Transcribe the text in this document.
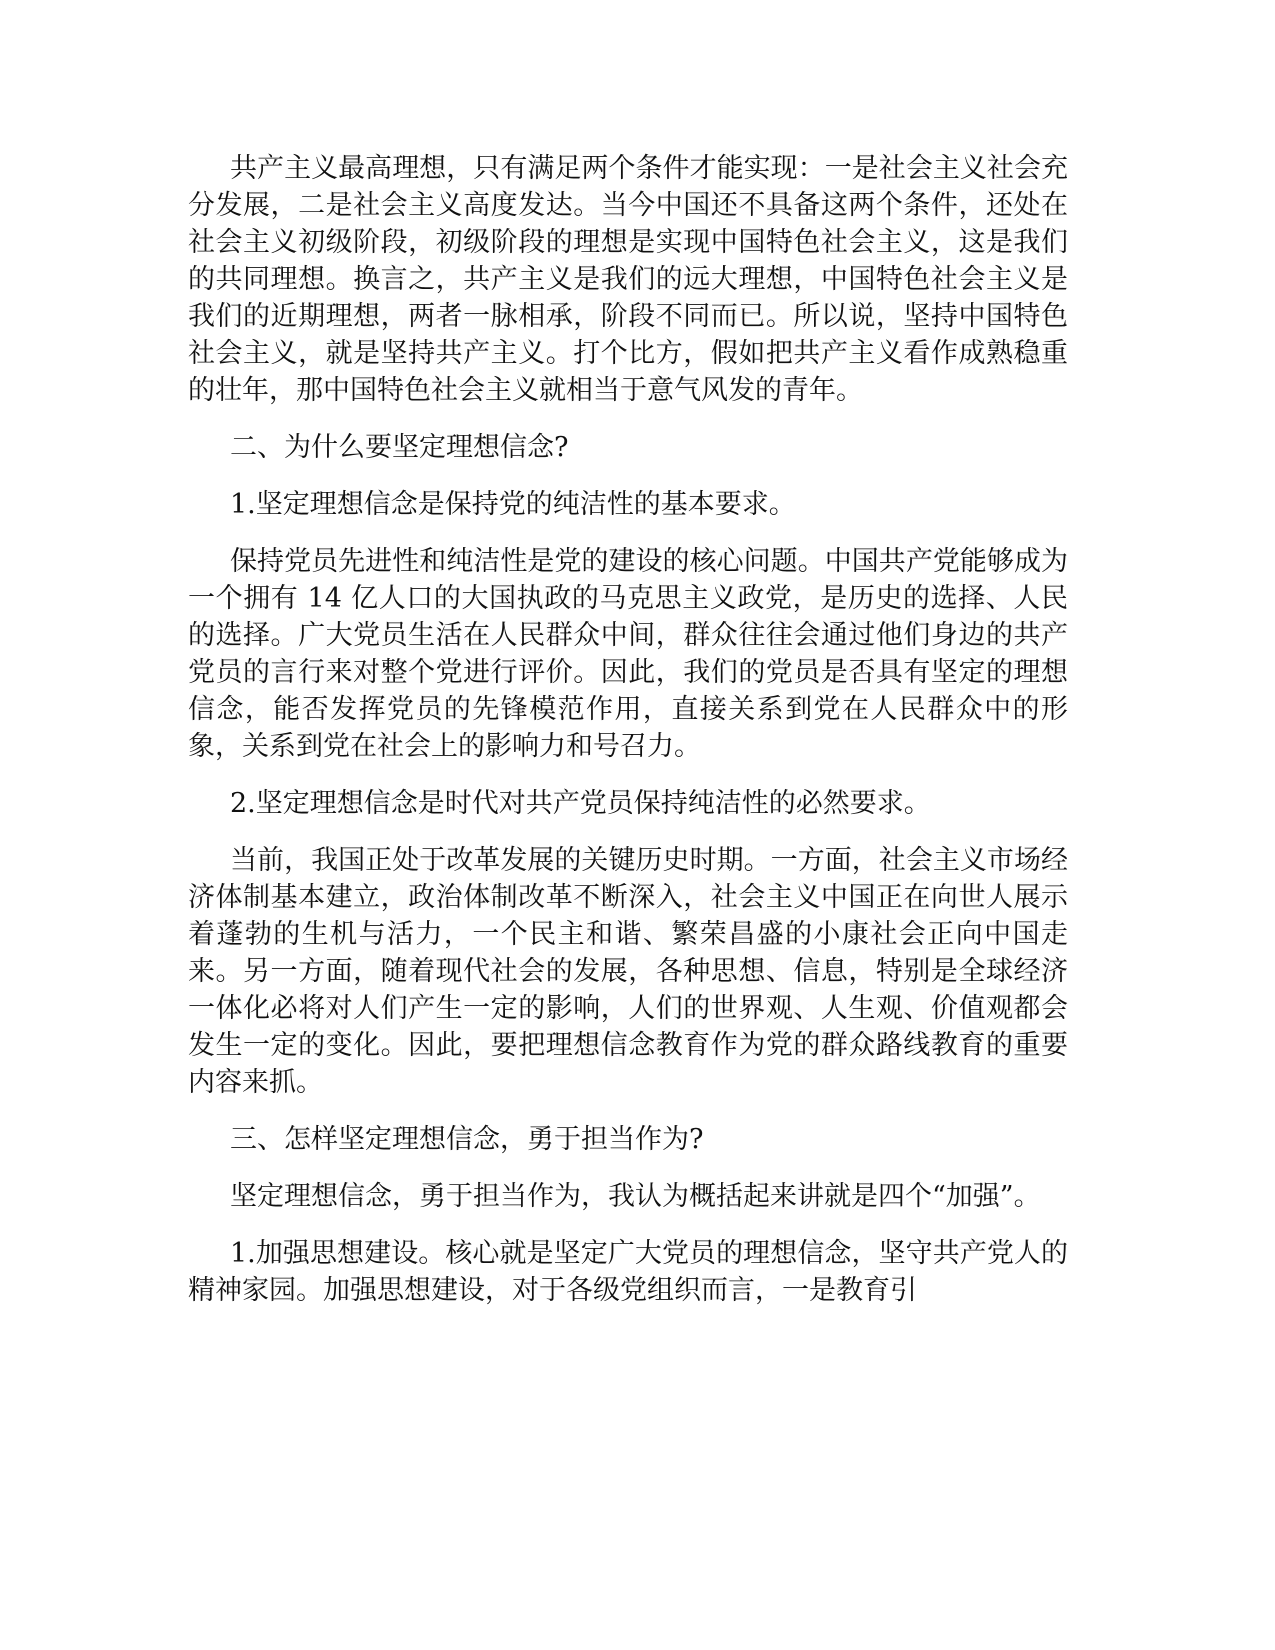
共产主义最高理想，只有满足两个条件才能实现：一是社会主义社会充分发展，二是社会主义高度发达。当今中国还不具备这两个条件，还处在社会主义初级阶段，初级阶段的理想是实现中国特色社会主义，这是我们的共同理想。换言之，共产主义是我们的远大理想，中国特色社会主义是我们的近期理想，两者一脉相承，阶段不同而已。所以说，坚持中国特色社会主义，就是坚持共产主义。打个比方，假如把共产主义看作成熟稳重的壮年，那中国特色社会主义就相当于意气风发的青年。

二、为什么要坚定理想信念?

1.坚定理想信念是保持党的纯洁性的基本要求。

保持党员先进性和纯洁性是党的建设的核心问题。中国共产党能够成为一个拥有 14 亿人口的大国执政的马克思主义政党，是历史的选择、人民的选择。广大党员生活在人民群众中间，群众往往会通过他们身边的共产党员的言行来对整个党进行评价。因此，我们的党员是否具有坚定的理想信念，能否发挥党员的先锋模范作用，直接关系到党在人民群众中的形象，关系到党在社会上的影响力和号召力。

2.坚定理想信念是时代对共产党员保持纯洁性的必然要求。

当前，我国正处于改革发展的关键历史时期。一方面，社会主义市场经济体制基本建立，政治体制改革不断深入，社会主义中国正在向世人展示着蓬勃的生机与活力，一个民主和谐、繁荣昌盛的小康社会正向中国走来。另一方面，随着现代社会的发展，各种思想、信息，特别是全球经济一体化必将对人们产生一定的影响，人们的世界观、人生观、价值观都会发生一定的变化。因此，要把理想信念教育作为党的群众路线教育的重要内容来抓。

三、怎样坚定理想信念，勇于担当作为?

坚定理想信念，勇于担当作为，我认为概括起来讲就是四个“加强”。

1.加强思想建设。核心就是坚定广大党员的理想信念，坚守共产党人的精神家园。加强思想建设，对于各级党组织而言，一是教育引
